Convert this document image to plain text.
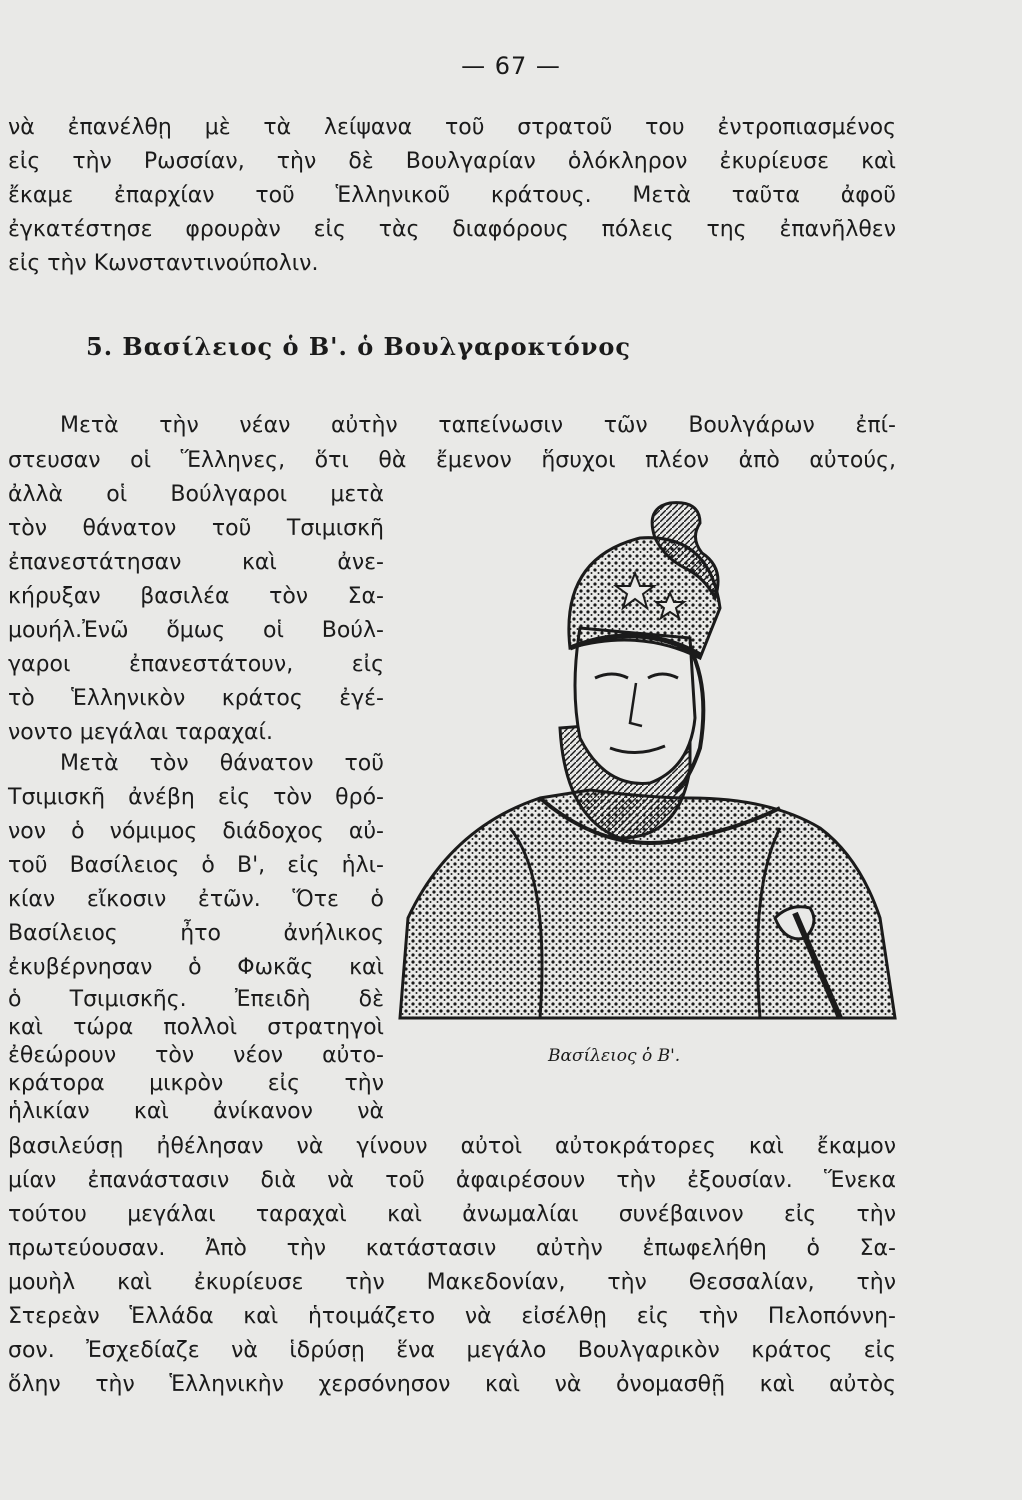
— 67 —
νὰ ἐπανέλθῃ μὲ τὰ λείψανα τοῦ στρατοῦ του ἐντροπιασμένος
εἰς τὴν Ρωσσίαν, τὴν δὲ Βουλγαρίαν ὁλόκληρον ἐκυρίευσε καὶ
ἔκαμε ἐπαρχίαν τοῦ Ἑλληνικοῦ κράτους. Μετὰ ταῦτα ἀφοῦ
ἐγκατέστησε φρουρὰν εἰς τὰς διαφόρους πόλεις της ἐπανῆλθεν
εἰς τὴν Κωνσταντινούπολιν.
5. Βασίλειος ὁ Β'. ὁ Βουλγαροκτόνος
Μετὰ τὴν νέαν αὐτὴν ταπείνωσιν τῶν Βουλγάρων ἐπί-
στευσαν οἱ Ἕλληνες, ὅτι θὰ ἔμενον ἥσυχοι πλέον ἀπὸ αὐτούς,
ἀλλὰ οἱ Βούλγαροι μετὰ
τὸν θάνατον τοῦ Τσιμισκῆ
ἐπανεστάτησαν καὶ ἀνε-
κήρυξαν βασιλέα τὸν Σα-
μουήλ.Ἐνῶ ὅμως οἱ Βούλ-
γαροι ἐπανεστάτουν, εἰς
τὸ Ἑλληνικὸν κράτος ἐγέ-
νοντο μεγάλαι ταραχαί.
Μετὰ τὸν θάνατον τοῦ
Τσιμισκῆ ἀνέβη εἰς τὸν θρό-
νον ὁ νόμιμος διάδοχος αὐ-
τοῦ Βασίλειος ὁ Β', εἰς ἡλι-
κίαν εἴκοσιν ἐτῶν. Ὅτε ὁ
Βασίλειος ἦτο ἀνήλικος
ἐκυβέρνησαν ὁ Φωκᾶς καὶ
ὁ Τσιμισκῆς. Ἐπειδὴ δὲ
καὶ τώρα πολλοὶ στρατηγοὶ
ἐθεώρουν τὸν νέον αὐτο-
κράτορα μικρὸν εἰς τὴν
ἡλικίαν καὶ ἀνίκανον νὰ
βασιλεύσῃ ἠθέλησαν νὰ γίνουν αὐτοὶ αὐτοκράτορες καὶ ἔκαμον
μίαν ἐπανάστασιν διὰ νὰ τοῦ ἀφαιρέσουν τὴν ἐξουσίαν. Ἕνεκα
τούτου μεγάλαι ταραχαὶ καὶ ἀνωμαλίαι συνέβαινον εἰς τὴν
πρωτεύουσαν. Ἀπὸ τὴν κατάστασιν αὐτὴν ἐπωφελήθη ὁ Σα-
μουὴλ καὶ ἐκυρίευσε τὴν Μακεδονίαν, τὴν Θεσσαλίαν, τὴν
Στερεὰν Ἑλλάδα καὶ ἡτοιμάζετο νὰ εἰσέλθῃ εἰς τὴν Πελοπόννη-
σον. Ἐσχεδίαζε νὰ ἱδρύσῃ ἕνα μεγάλο Βουλγαρικὸν κράτος εἰς
ὅλην τὴν Ἑλληνικὴν χερσόνησον καὶ νὰ ὀνομασθῇ καὶ αὐτὸς
Βασίλειος ὁ Β'.
